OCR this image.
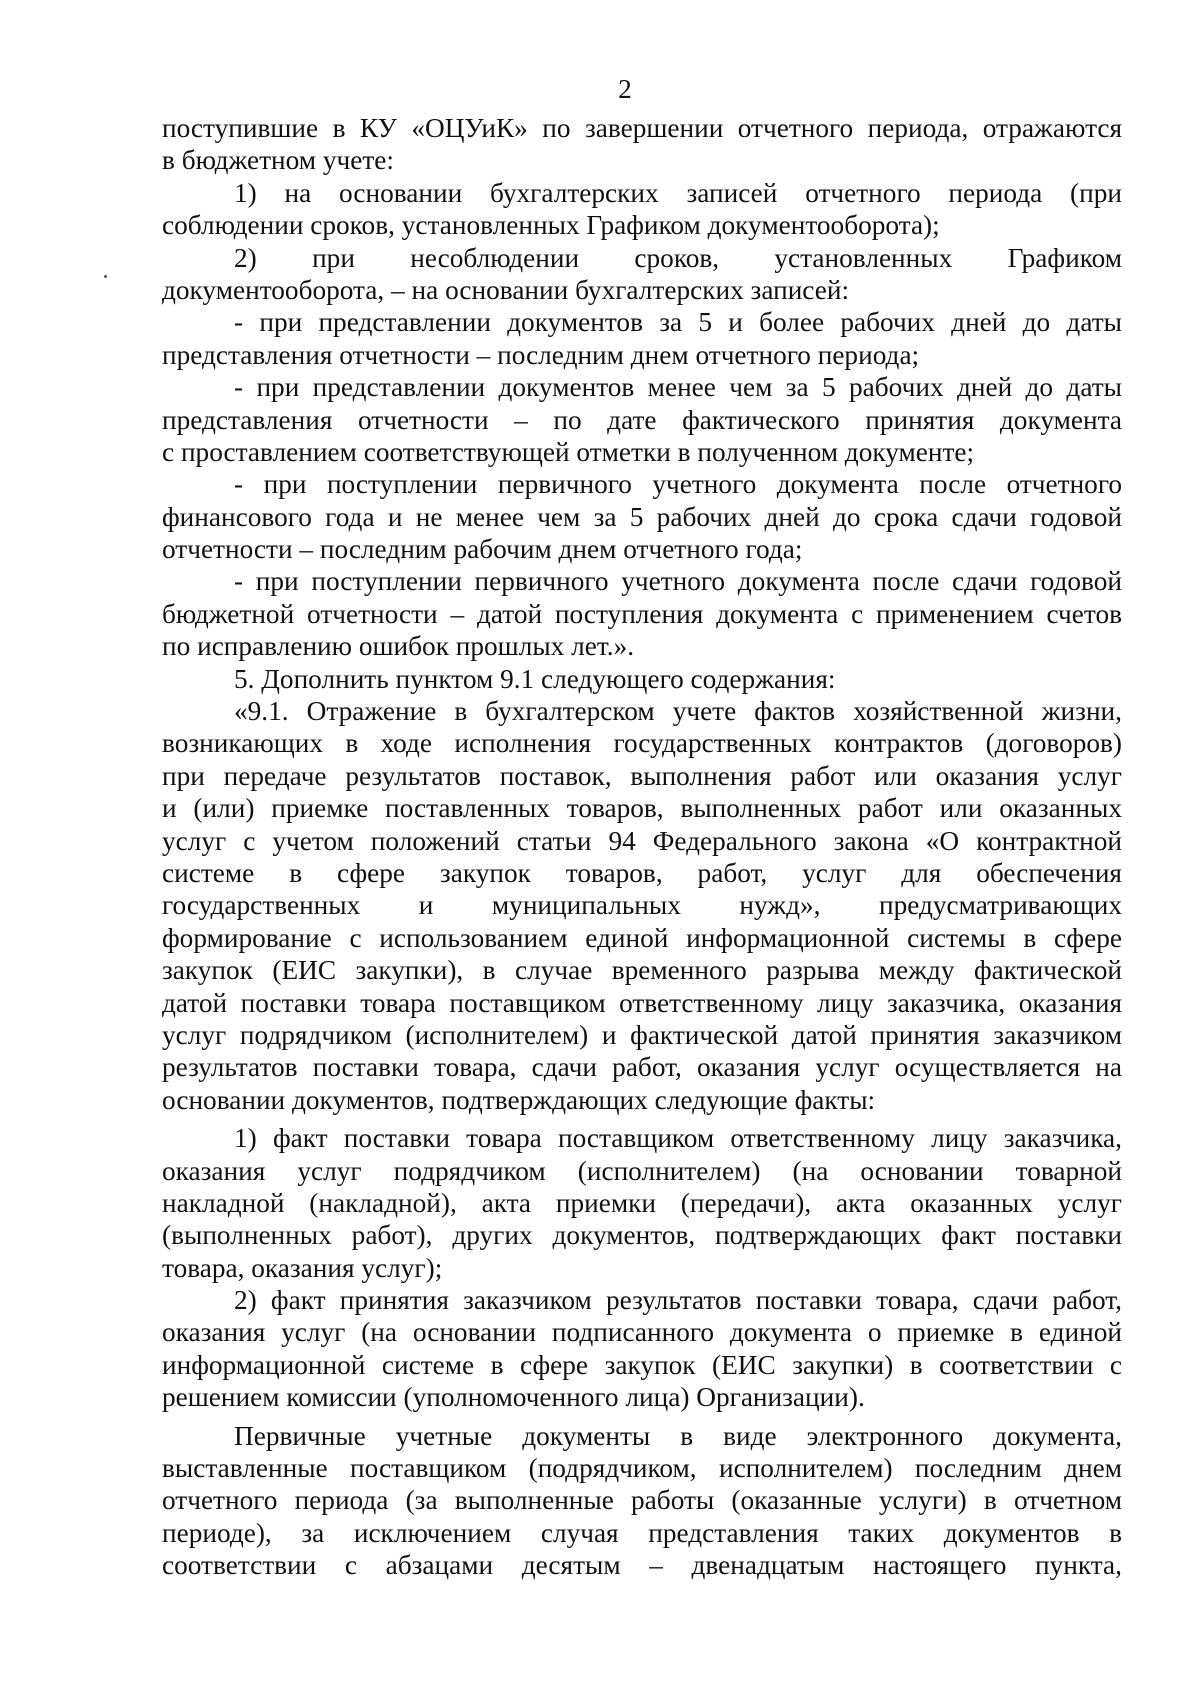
2
поступившие в КУ «ОЦУиК» по завершении отчетного периода, отражаются
в бюджетном учете:
1) на основании бухгалтерских записей отчетного периода (при
соблюдении сроков, установленных Графиком документооборота);
2) при несоблюдении сроков, установленных Графиком
документооборота, – на основании бухгалтерских записей:
- при представлении документов за 5 и более рабочих дней до даты
представления отчетности – последним днем отчетного периода;
- при представлении документов менее чем за 5 рабочих дней до даты
представления отчетности – по дате фактического принятия документа
с проставлением соответствующей отметки в полученном документе;
- при поступлении первичного учетного документа после отчетного
финансового года и не менее чем за 5 рабочих дней до срока сдачи годовой
отчетности – последним рабочим днем отчетного года;
- при поступлении первичного учетного документа после сдачи годовой
бюджетной отчетности – датой поступления документа с применением счетов
по исправлению ошибок прошлых лет.».
5. Дополнить пунктом 9.1 следующего содержания:
«9.1. Отражение в бухгалтерском учете фактов хозяйственной жизни,
возникающих в ходе исполнения государственных контрактов (договоров)
при передаче результатов поставок, выполнения работ или оказания услуг
и (или) приемке поставленных товаров, выполненных работ или оказанных
услуг с учетом положений статьи 94 Федерального закона «О контрактной
системе в сфере закупок товаров, работ, услуг для обеспечения
государственных и муниципальных нужд», предусматривающих
формирование с использованием единой информационной системы в сфере
закупок (ЕИС закупки), в случае временного разрыва между фактической
датой поставки товара поставщиком ответственному лицу заказчика, оказания
услуг подрядчиком (исполнителем) и фактической датой принятия заказчиком
результатов поставки товара, сдачи работ, оказания услуг осуществляется на
основании документов, подтверждающих следующие факты:
1) факт поставки товара поставщиком ответственному лицу заказчика,
оказания услуг подрядчиком (исполнителем) (на основании товарной
накладной (накладной), акта приемки (передачи), акта оказанных услуг
(выполненных работ), других документов, подтверждающих факт поставки
товара, оказания услуг);
2) факт принятия заказчиком результатов поставки товара, сдачи работ,
оказания услуг (на основании подписанного документа о приемке в единой
информационной системе в сфере закупок (ЕИС закупки) в соответствии с
решением комиссии (уполномоченного лица) Организации).
Первичные учетные документы в виде электронного документа,
выставленные поставщиком (подрядчиком, исполнителем) последним днем
отчетного периода (за выполненные работы (оказанные услуги) в отчетном
периоде), за исключением случая представления таких документов в
соответствии с абзацами десятым – двенадцатым настоящего пункта,
